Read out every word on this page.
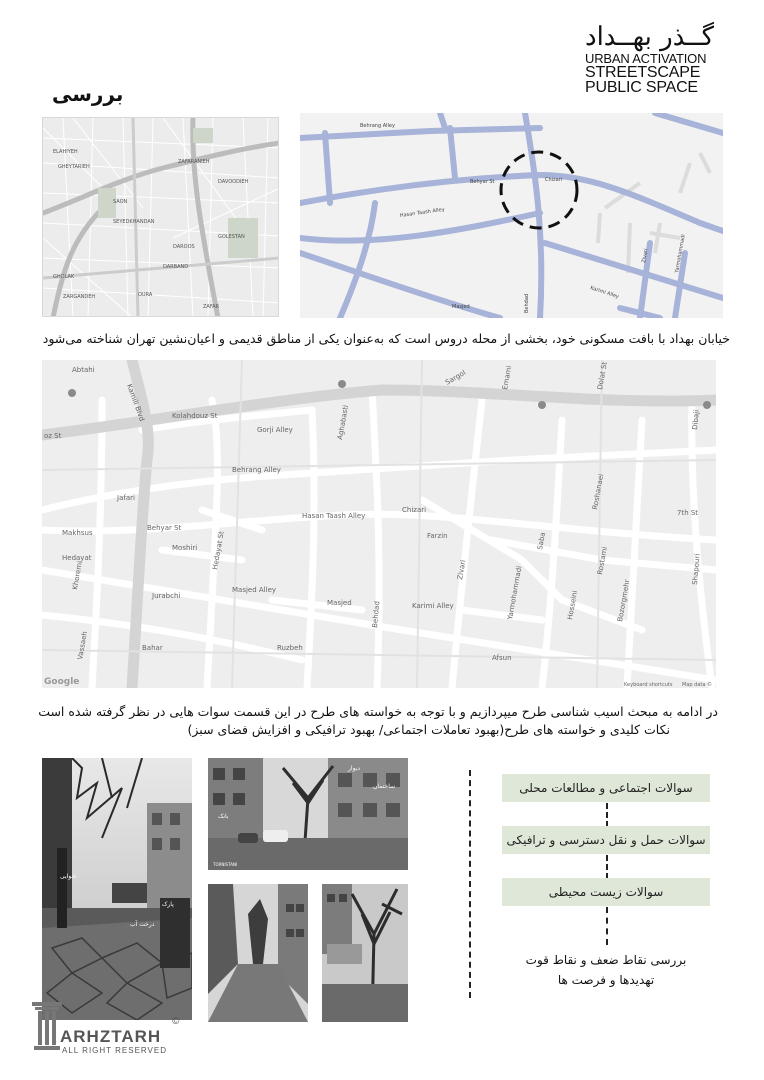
گــذر بهــداد
URBAN ACTIVATION
STREETSCAPE
PUBLIC SPACE
بررسی
ELAHIYEH
GHEYTARIEH
ZAFARANIEH
DAVOODIEH
SAON
DAROOS
GOLESTAN
SEYEDKHANDAN
DARBAND
ZARGANDEH
GHOLAK
OURA
ZAFAR
Behrang Alley
Behyar St
Hasan Taash Alley
Chizari
Zivari	Yarmohammadi
Karimi Alley
Masjed	Behdad
خیابان بهداد با بافت مسکونی خود، بخشی از محله دروس است که به‌عنوان یکی از مناطق قدیمی و اعیان‌نشین تهران شناخته می‌شود
Abtahi
Kamili Blvd	Kolahdouz St
Gorji Alley
Behrang Alley
Jafari
Makhsus
Hedayat
Khoremi
Behyar St
Hasan Taash Alley
Moshiri Hedayat St
Masjed Alley
Masjed
Jurabchi
Ruzbeh
Bahar
Vassaeh
Behdad
Aghabasti
Chizari
Farzin
Zivari
Karimi Alley	Yarmohammadi
Saba
Hosseini
Afsun
Rostami
Bozorgmehr
Roshanaei
7th St
Shapouri
Dibaji
Sargol	Emami	Dolat St
oz St
Google	Keyboard shortcuts Map data ©
در ادامه به مبحث اسیب شناسی طرح میپردازیم و با توجه به خواسته های طرح در این قسمت سوات هایی در نظر گرفته شده است
نکات کلیدی و خواسته های طرح(بهبود تعاملات اجتماعی/ بهبود ترافیکی و افزایش فضای سبز)
نانوایی
پارک
درخت آب
دیوار
ساختمان
بانک
TORNISTANI
سوالات اجتماعی و مطالعات محلی
سوالات حمل و نقل دسترسی و ترافیکی
سوالات زیست محیطی
بررسی نقاط ضعف و نقاط قوت
تهدیدها و فرصت ها
ARHZTARH
ALL RIGHT RESERVED
©
